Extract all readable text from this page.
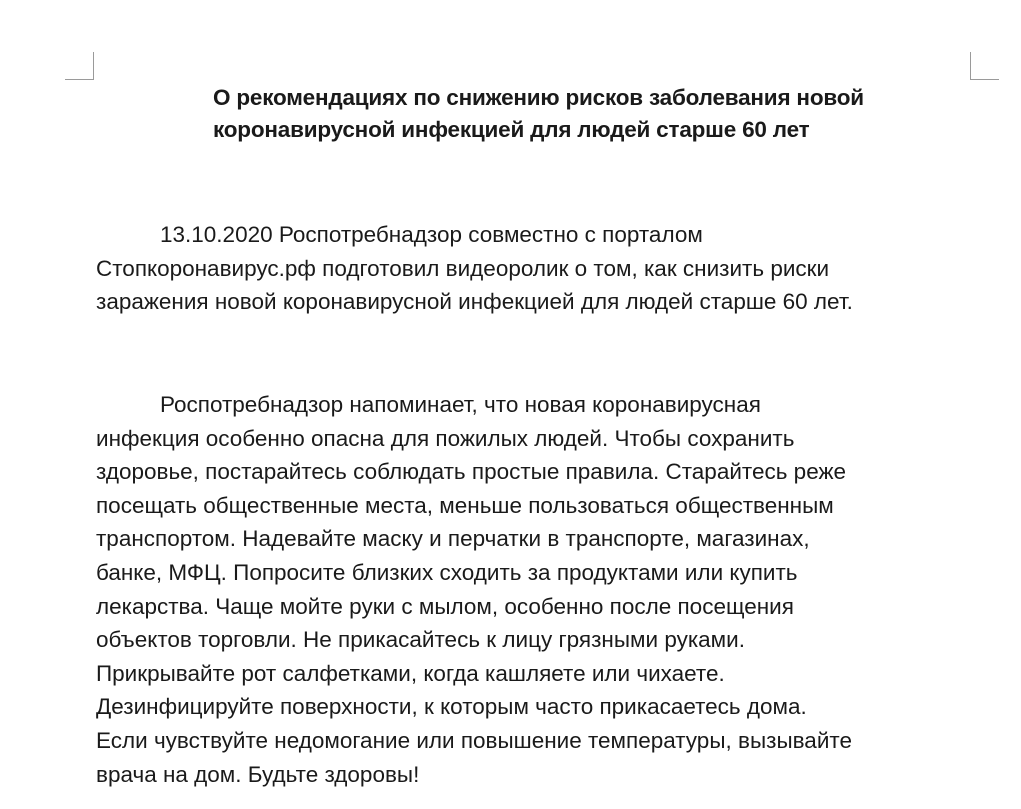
О рекомендациях по снижению рисков заболевания новой
коронавирусной инфекцией для людей старше 60 лет

13.10.2020 Роспотребнадзор совместно с порталом
Стопкоронавирус.рф подготовил видеоролик о том, как снизить риски
заражения новой коронавирусной инфекцией для людей старше 60 лет.

Роспотребнадзор напоминает, что новая коронавирусная
инфекция особенно опасна для пожилых людей. Чтобы сохранить
здоровье, постарайтесь соблюдать простые правила. Старайтесь реже
посещать общественные места, меньше пользоваться общественным
транспортом. Надевайте маску и перчатки в транспорте, магазинах,
банке, МФЦ. Попросите близких сходить за продуктами или купить
лекарства. Чаще мойте руки с мылом, особенно после посещения
объектов торговли. Не прикасайтесь к лицу грязными руками.
Прикрывайте рот салфетками, когда кашляете или чихаете.
Дезинфицируйте поверхности, к которым часто прикасаетесь дома.
Если чувствуйте недомогание или повышение температуры, вызывайте
врача на дом. Будьте здоровы!
